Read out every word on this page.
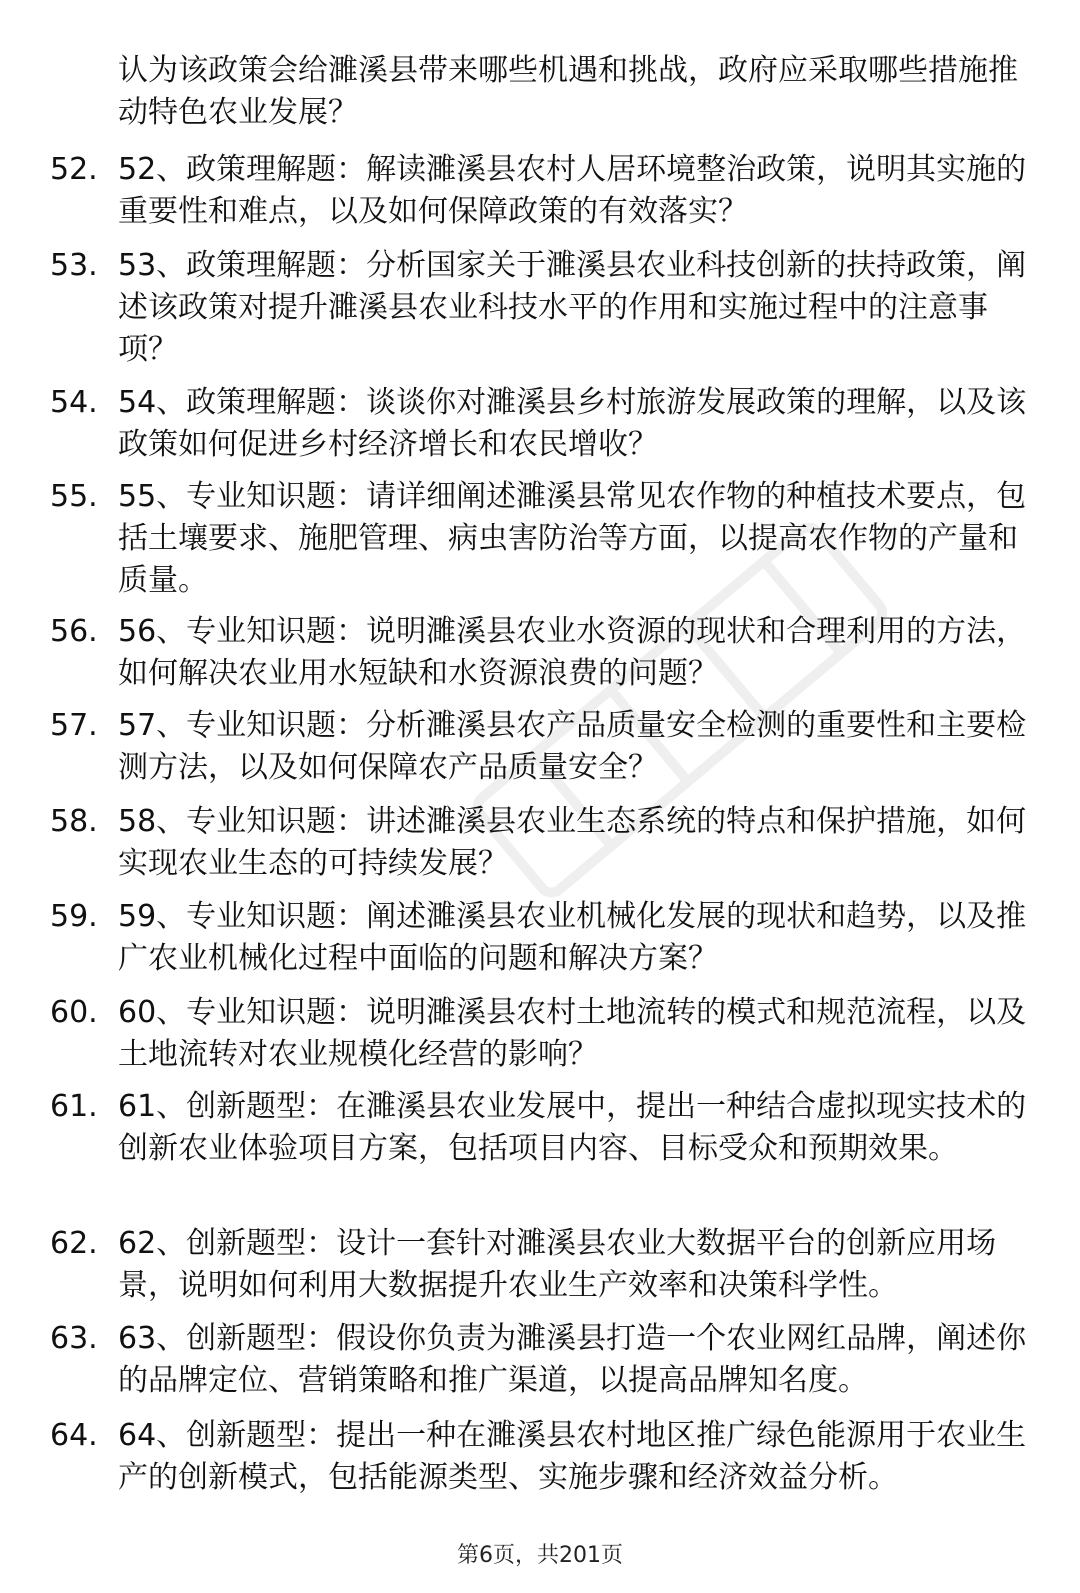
认为该政策会给濉溪县带来哪些机遇和挑战，政府应采取哪些措施推动特色农业发展？

52. 52、政策理解题：解读濉溪县农村人居环境整治政策，说明其实施的重要性和难点，以及如何保障政策的有效落实？
53. 53、政策理解题：分析国家关于濉溪县农业科技创新的扶持政策，阐述该政策对提升濉溪县农业科技水平的作用和实施过程中的注意事项？
54. 54、政策理解题：谈谈你对濉溪县乡村旅游发展政策的理解，以及该政策如何促进乡村经济增长和农民增收？
55. 55、专业知识题：请详细阐述濉溪县常见农作物的种植技术要点，包括土壤要求、施肥管理、病虫害防治等方面，以提高农作物的产量和质量。
56. 56、专业知识题：说明濉溪县农业水资源的现状和合理利用的方法，如何解决农业用水短缺和水资源浪费的问题？
57. 57、专业知识题：分析濉溪县农产品质量安全检测的重要性和主要检测方法，以及如何保障农产品质量安全？
58. 58、专业知识题：讲述濉溪县农业生态系统的特点和保护措施，如何实现农业生态的可持续发展？
59. 59、专业知识题：阐述濉溪县农业机械化发展的现状和趋势，以及推广农业机械化过程中面临的问题和解决方案？
60. 60、专业知识题：说明濉溪县农村土地流转的模式和规范流程，以及土地流转对农业规模化经营的影响？
61. 61、创新题型：在濉溪县农业发展中，提出一种结合虚拟现实技术的创新农业体验项目方案，包括项目内容、目标受众和预期效果。
62. 62、创新题型：设计一套针对濉溪县农业大数据平台的创新应用场景，说明如何利用大数据提升农业生产效率和决策科学性。
63. 63、创新题型：假设你负责为濉溪县打造一个农业网红品牌，阐述你的品牌定位、营销策略和推广渠道，以提高品牌知名度。
64. 64、创新题型：提出一种在濉溪县农村地区推广绿色能源用于农业生产的创新模式，包括能源类型、实施步骤和经济效益分析。
第6页，共201页
